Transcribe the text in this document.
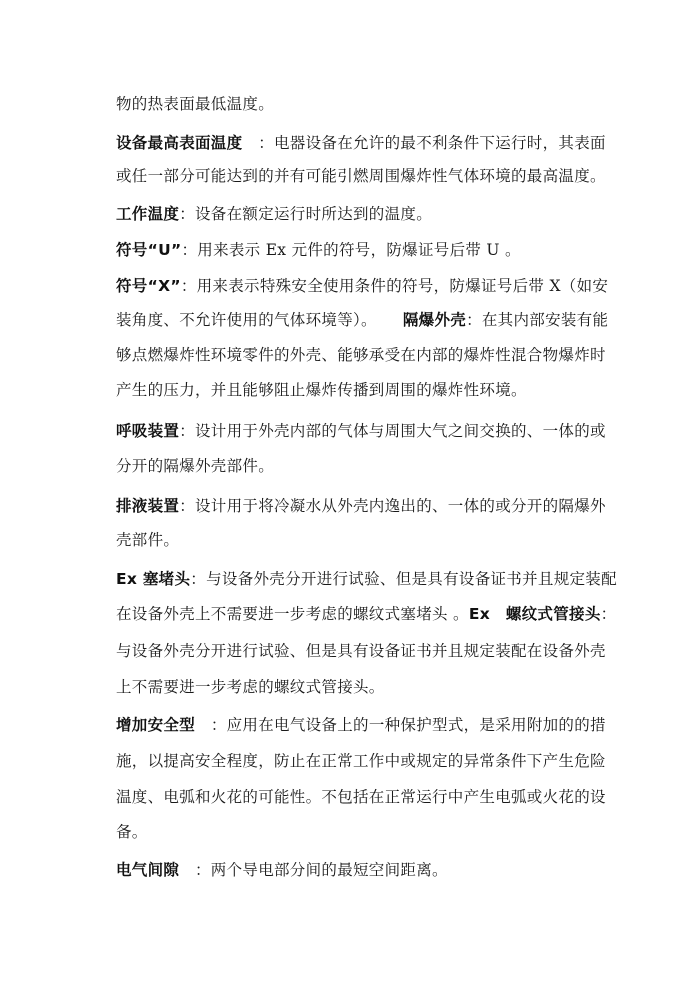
物的热表面最低温度。
设备最高表面温度　：电器设备在允许的最不利条件下运行时，其表面
或任一部分可能达到的并有可能引燃周围爆炸性气体环境的最高温度。
工作温度：设备在额定运行时所达到的温度。
符号“U”：用来表示 Ex 元件的符号，防爆证号后带 U 。
符号“X”：用来表示特殊安全使用条件的符号，防爆证号后带 X（如安
装角度、不允许使用的气体环境等）。 隔爆外壳：在其内部安装有能
够点燃爆炸性环境零件的外壳、能够承受在内部的爆炸性混合物爆炸时
产生的压力，并且能够阻止爆炸传播到周围的爆炸性环境。
呼吸装置：设计用于外壳内部的气体与周围大气之间交换的、一体的或
分开的隔爆外壳部件。
排液装置：设计用于将冷凝水从外壳内逸出的、一体的或分开的隔爆外
壳部件。
Ex 塞堵头：与设备外壳分开进行试验、但是具有设备证书并且规定装配
在设备外壳上不需要进一步考虑的螺纹式塞堵头 。Ex　螺纹式管接头：
与设备外壳分开进行试验、但是具有设备证书并且规定装配在设备外壳
上不需要进一步考虑的螺纹式管接头。
增加安全型　：应用在电气设备上的一种保护型式，是采用附加的的措
施，以提高安全程度，防止在正常工作中或规定的异常条件下产生危险
温度、电弧和火花的可能性。不包括在正常运行中产生电弧或火花的设
备。
电气间隙　：两个导电部分间的最短空间距离。
